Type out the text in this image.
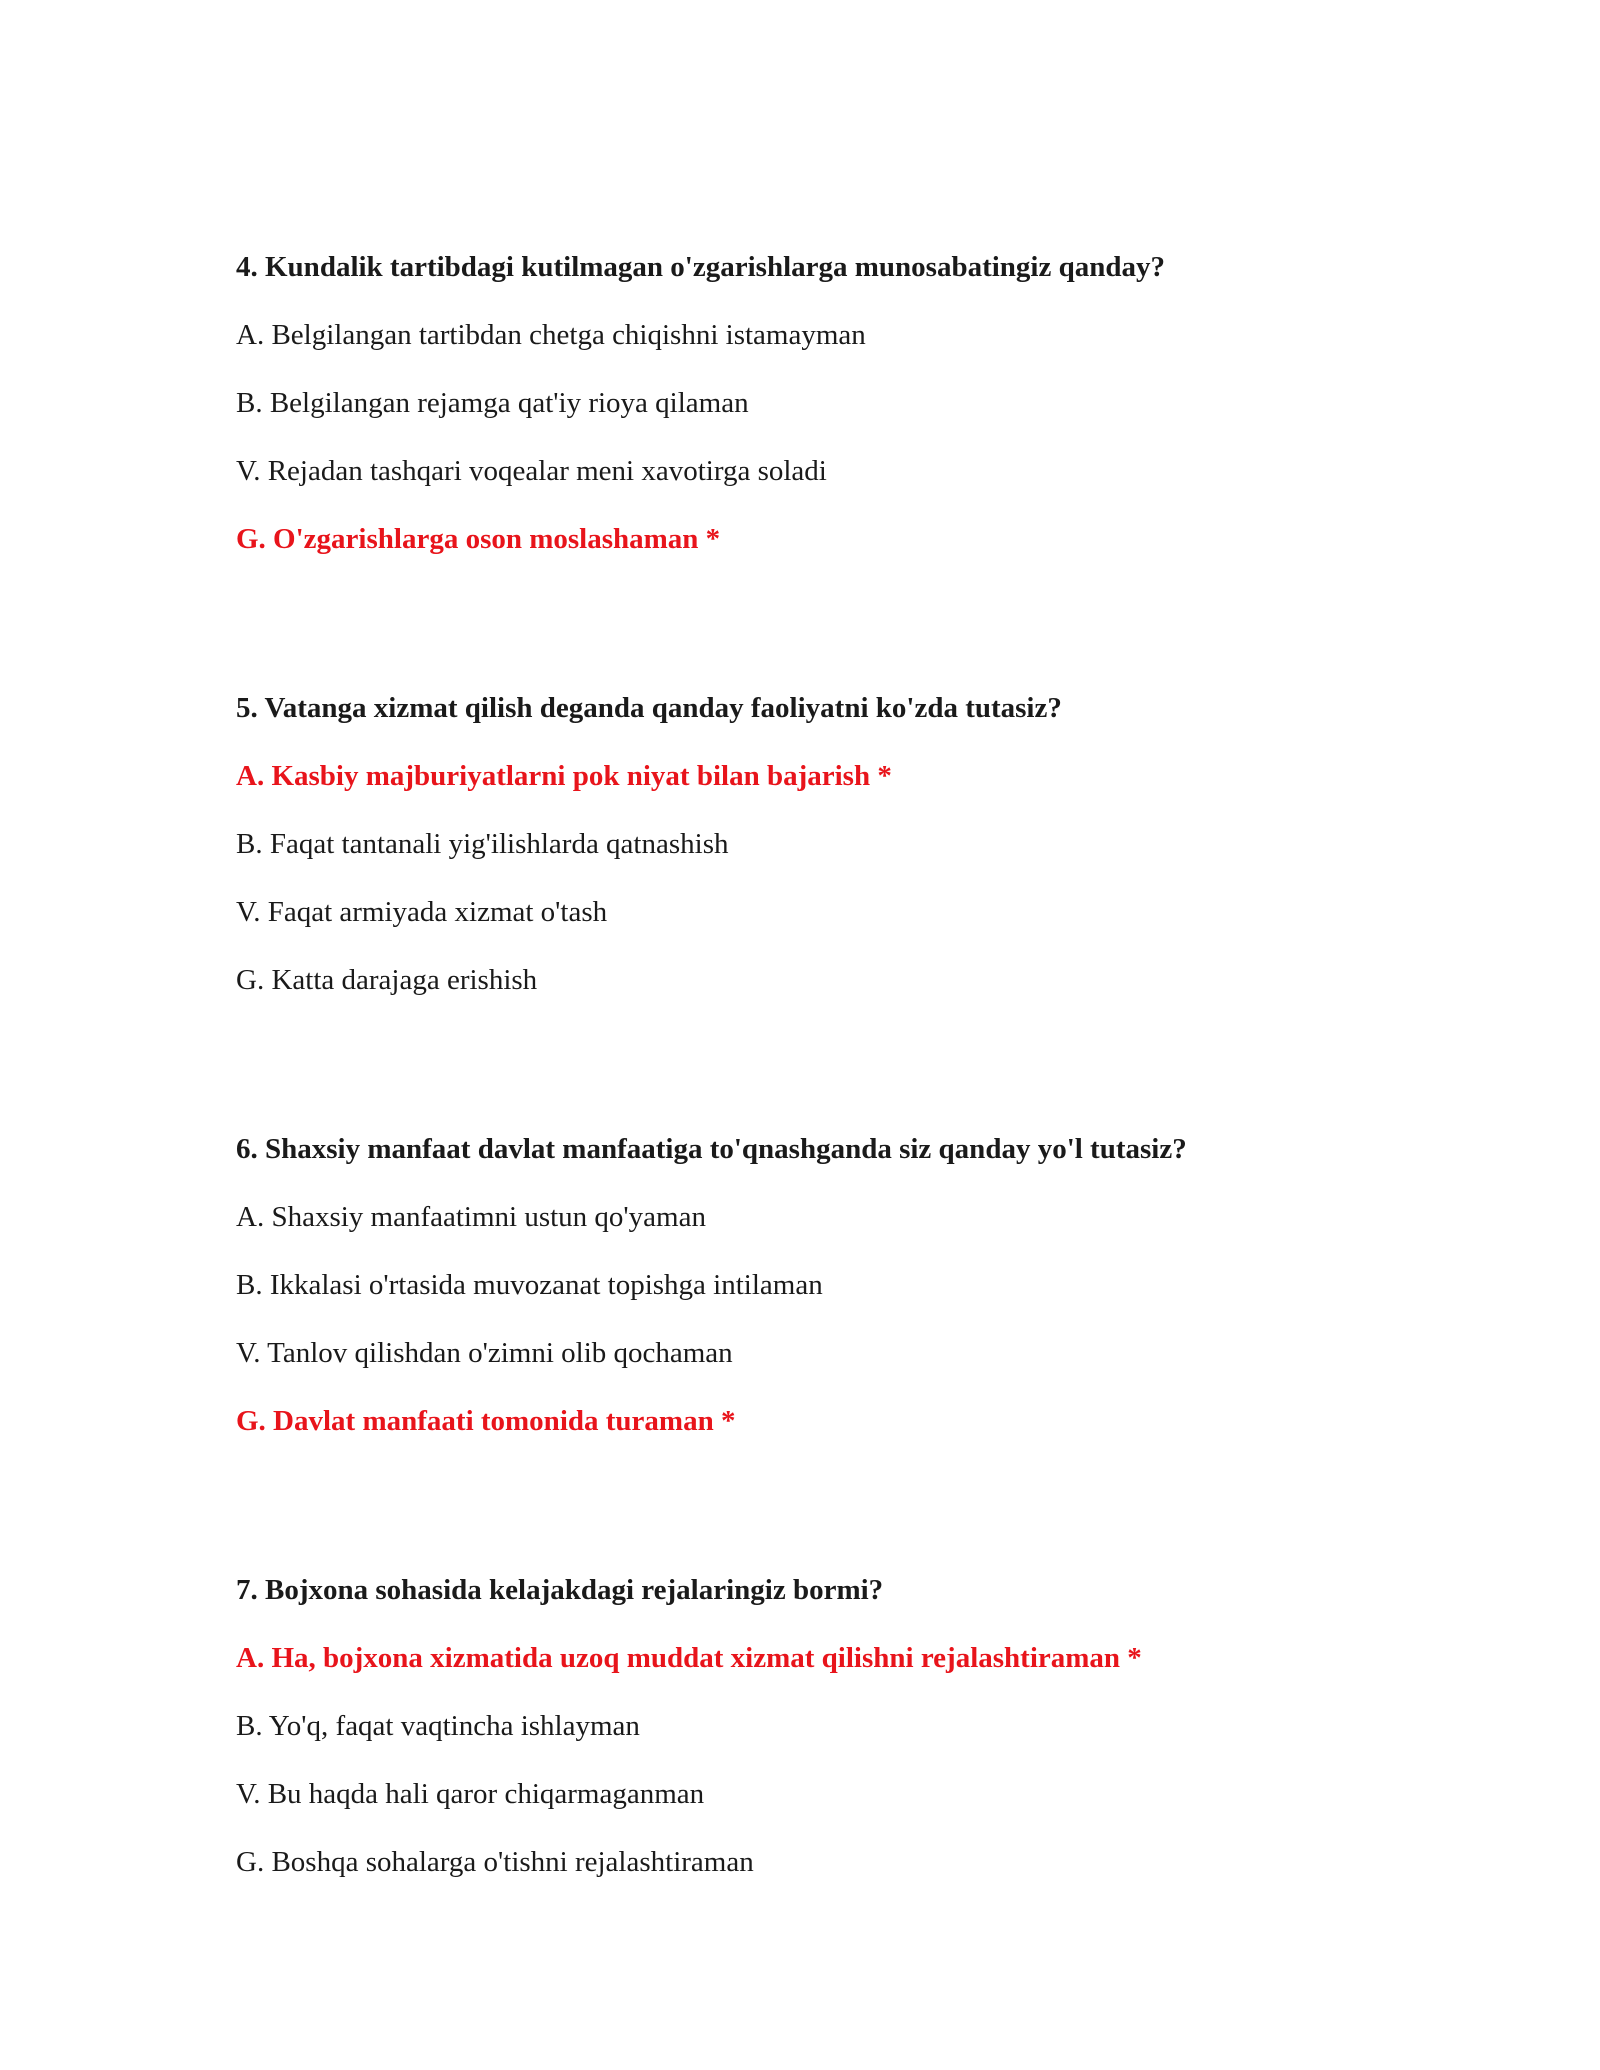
4. Kundalik tartibdagi kutilmagan o'zgarishlarga munosabatingiz qanday?

A. Belgilangan tartibdan chetga chiqishni istamayman

B. Belgilangan rejamga qat'iy rioya qilaman

V. Rejadan tashqari voqealar meni xavotirga soladi

G. O'zgarishlarga oson moslashaman *

5. Vatanga xizmat qilish deganda qanday faoliyatni ko'zda tutasiz?

A. Kasbiy majburiyatlarni pok niyat bilan bajarish *

B. Faqat tantanali yig'ilishlarda qatnashish

V. Faqat armiyada xizmat o'tash

G. Katta darajaga erishish

6. Shaxsiy manfaat davlat manfaatiga to'qnashganda siz qanday yo'l tutasiz?

A. Shaxsiy manfaatimni ustun qo'yaman

B. Ikkalasi o'rtasida muvozanat topishga intilaman

V. Tanlov qilishdan o'zimni olib qochaman

G. Davlat manfaati tomonida turaman *

7. Bojxona sohasida kelajakdagi rejalaringiz bormi?

A. Ha, bojxona xizmatida uzoq muddat xizmat qilishni rejalashtiraman *

B. Yo'q, faqat vaqtincha ishlayman

V. Bu haqda hali qaror chiqarmaganman

G. Boshqa sohalarga o'tishni rejalashtiraman
